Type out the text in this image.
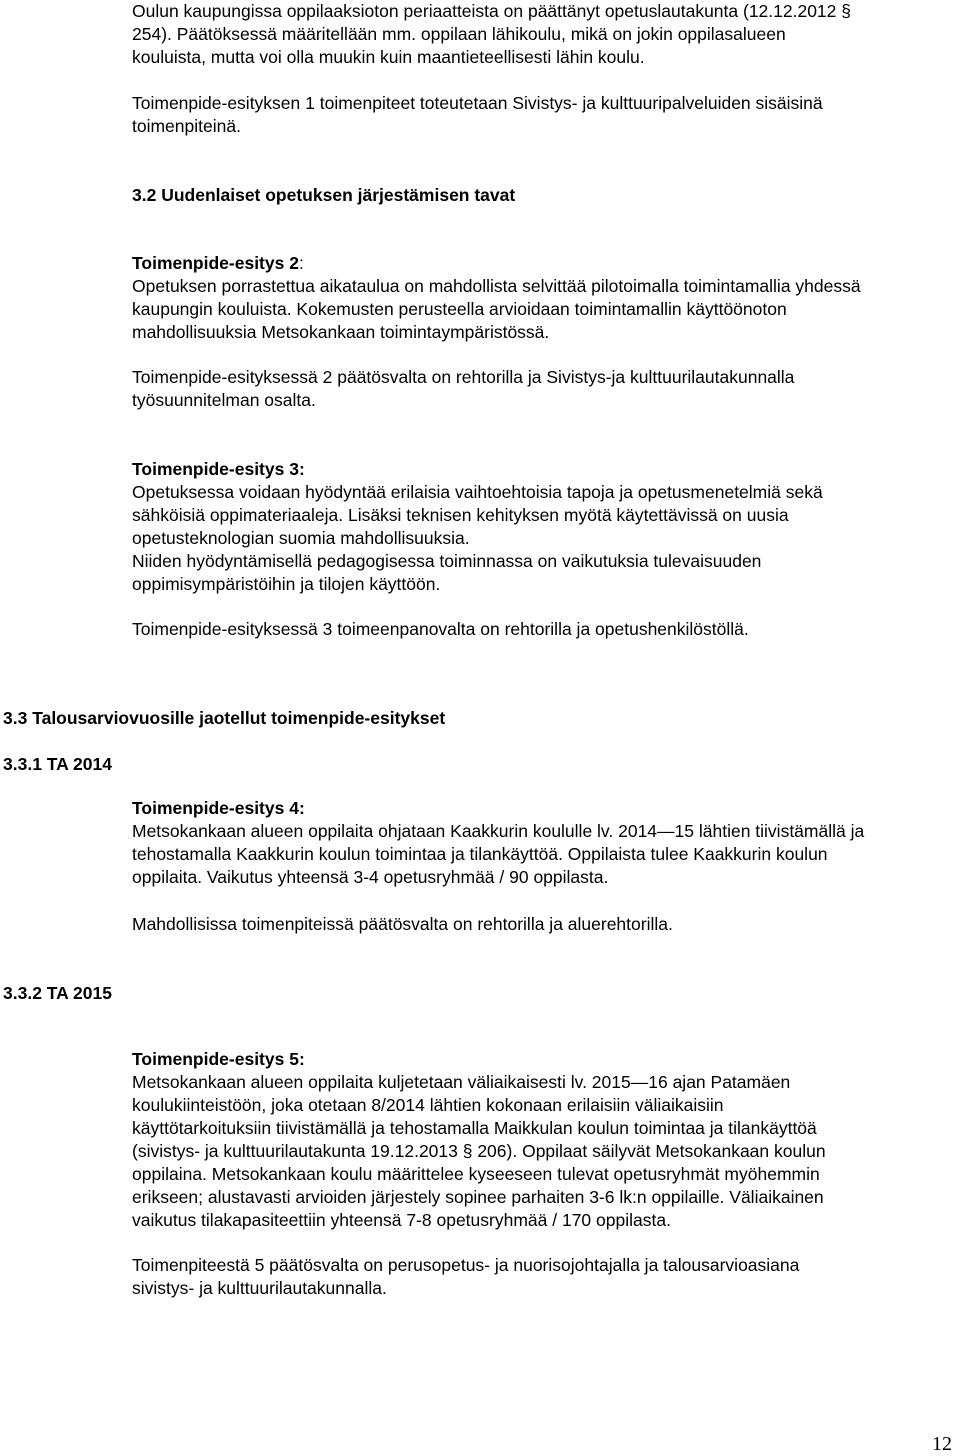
Oulun kaupungissa oppilaaksioton periaatteista on päättänyt opetuslautakunta (12.12.2012 §
254). Päätöksessä määritellään mm. oppilaan lähikoulu, mikä on jokin oppilasalueen
kouluista, mutta voi olla muukin kuin maantieteellisesti lähin koulu.
Toimenpide-esityksen 1 toimenpiteet toteutetaan Sivistys- ja kulttuuripalveluiden sisäisinä
toimenpiteinä.
3.2 Uudenlaiset opetuksen järjestämisen tavat
Toimenpide-esitys 2:
Opetuksen porrastettua aikataulua on mahdollista selvittää pilotoimalla toimintamallia yhdessä
kaupungin kouluista. Kokemusten perusteella arvioidaan toimintamallin käyttöönoton
mahdollisuuksia Metsokankaan toimintaympäristössä.
Toimenpide-esityksessä 2 päätösvalta on rehtorilla ja Sivistys-ja kulttuurilautakunnalla
työsuunnitelman osalta.
Toimenpide-esitys 3:
Opetuksessa voidaan hyödyntää erilaisia vaihtoehtoisia tapoja ja opetusmenetelmiä sekä
sähköisiä oppimateriaaleja. Lisäksi teknisen kehityksen myötä käytettävissä on uusia
opetusteknologian suomia mahdollisuuksia.
Niiden hyödyntämisellä pedagogisessa toiminnassa on vaikutuksia tulevaisuuden
oppimisympäristöihin ja tilojen käyttöön.
Toimenpide-esityksessä 3 toimeenpanovalta on rehtorilla ja opetushenkilöstöllä.
3.3 Talousarviovuosille jaotellut toimenpide-esitykset
3.3.1 TA 2014
Toimenpide-esitys 4:
Metsokankaan alueen oppilaita ohjataan Kaakkurin koululle lv. 2014—15 lähtien tiivistämällä ja
tehostamalla Kaakkurin koulun toimintaa ja tilankäyttöä. Oppilaista tulee Kaakkurin koulun
oppilaita. Vaikutus yhteensä 3-4 opetusryhmää / 90 oppilasta.
Mahdollisissa toimenpiteissä päätösvalta on rehtorilla ja aluerehtorilla.
3.3.2 TA 2015
Toimenpide-esitys 5:
Metsokankaan alueen oppilaita kuljetetaan väliaikaisesti lv. 2015—16 ajan Patamäen
koulukiinteistöön, joka otetaan 8/2014 lähtien kokonaan erilaisiin väliaikaisiin
käyttötarkoituksiin tiivistämällä ja tehostamalla Maikkulan koulun toimintaa ja tilankäyttöä
(sivistys- ja kulttuurilautakunta 19.12.2013 § 206). Oppilaat säilyvät Metsokankaan koulun
oppilaina. Metsokankaan koulu määrittelee kyseeseen tulevat opetusryhmät myöhemmin
erikseen; alustavasti arvioiden järjestely sopinee parhaiten 3-6 lk:n oppilaille. Väliaikainen
vaikutus tilakapasiteettiin yhteensä 7-8 opetusryhmää / 170 oppilasta.
Toimenpiteestä 5 päätösvalta on perusopetus- ja nuorisojohtajalla ja talousarvioasiana
sivistys- ja kulttuurilautakunnalla.
12
